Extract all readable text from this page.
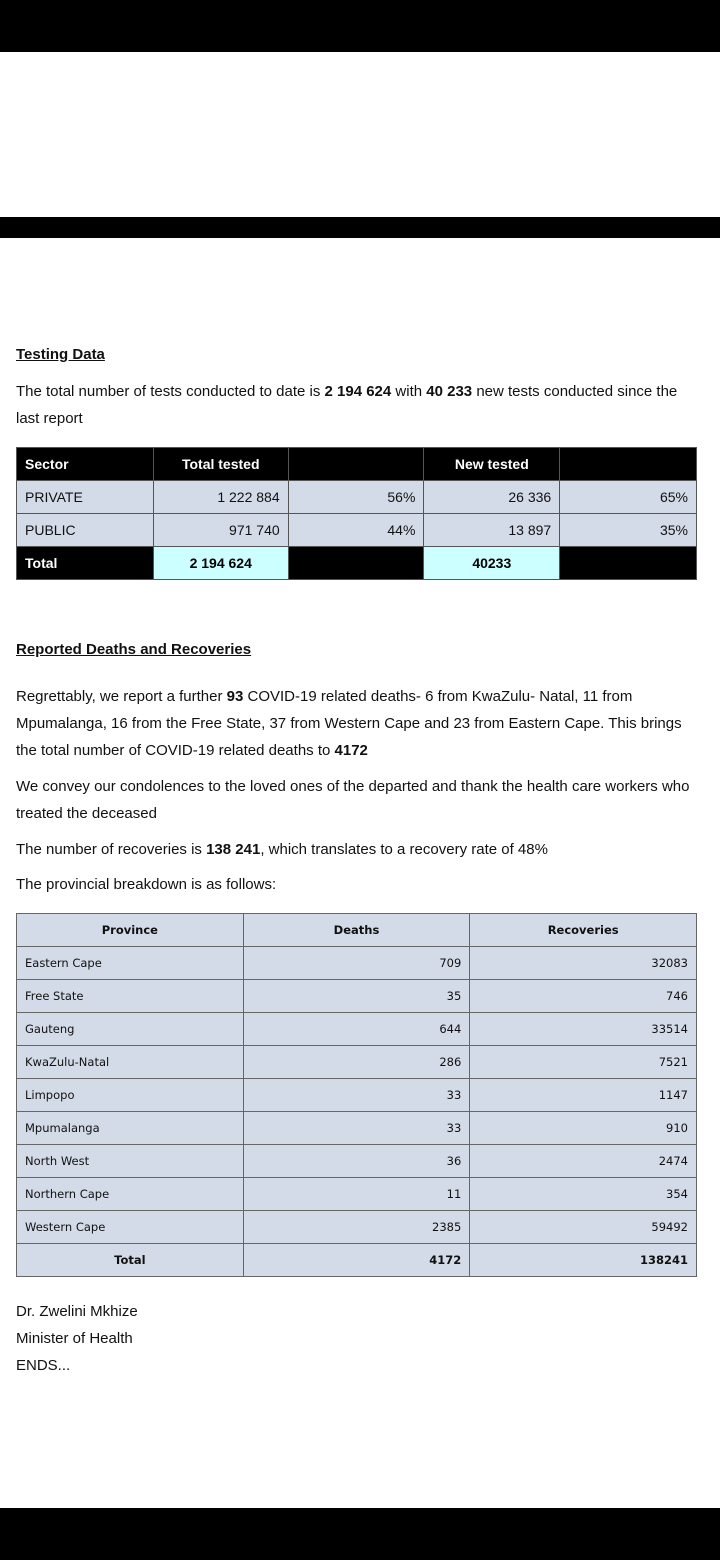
Testing Data
The total number of tests conducted to date is 2 194 624 with 40 233 new tests conducted since the last report
Sector	Total tested		New tested	
PRIVATE	1 222 884	56%	26 336	65%
PUBLIC	971 740	44%	13 897	35%
Total	2 194 624		40233	
Reported Deaths and Recoveries
Regrettably, we report a further 93 COVID-19 related deaths- 6 from KwaZulu- Natal, 11 from Mpumalanga, 16 from the Free State, 37 from Western Cape and 23 from Eastern Cape. This brings the total number of COVID-19 related deaths to 4172
We convey our condolences to the loved ones of the departed and thank the health care workers who treated the deceased
The number of recoveries is 138 241, which translates to a recovery rate of 48%
The provincial breakdown is as follows:
Province	Deaths	Recoveries
Eastern Cape	709	32083
Free State	35	746
Gauteng	644	33514
KwaZulu-Natal	286	7521
Limpopo	33	1147
Mpumalanga	33	910
North West	36	2474
Northern Cape	11	354
Western Cape	2385	59492
Total	4172	138241
Dr. Zwelini Mkhize
Minister of Health
ENDS...
